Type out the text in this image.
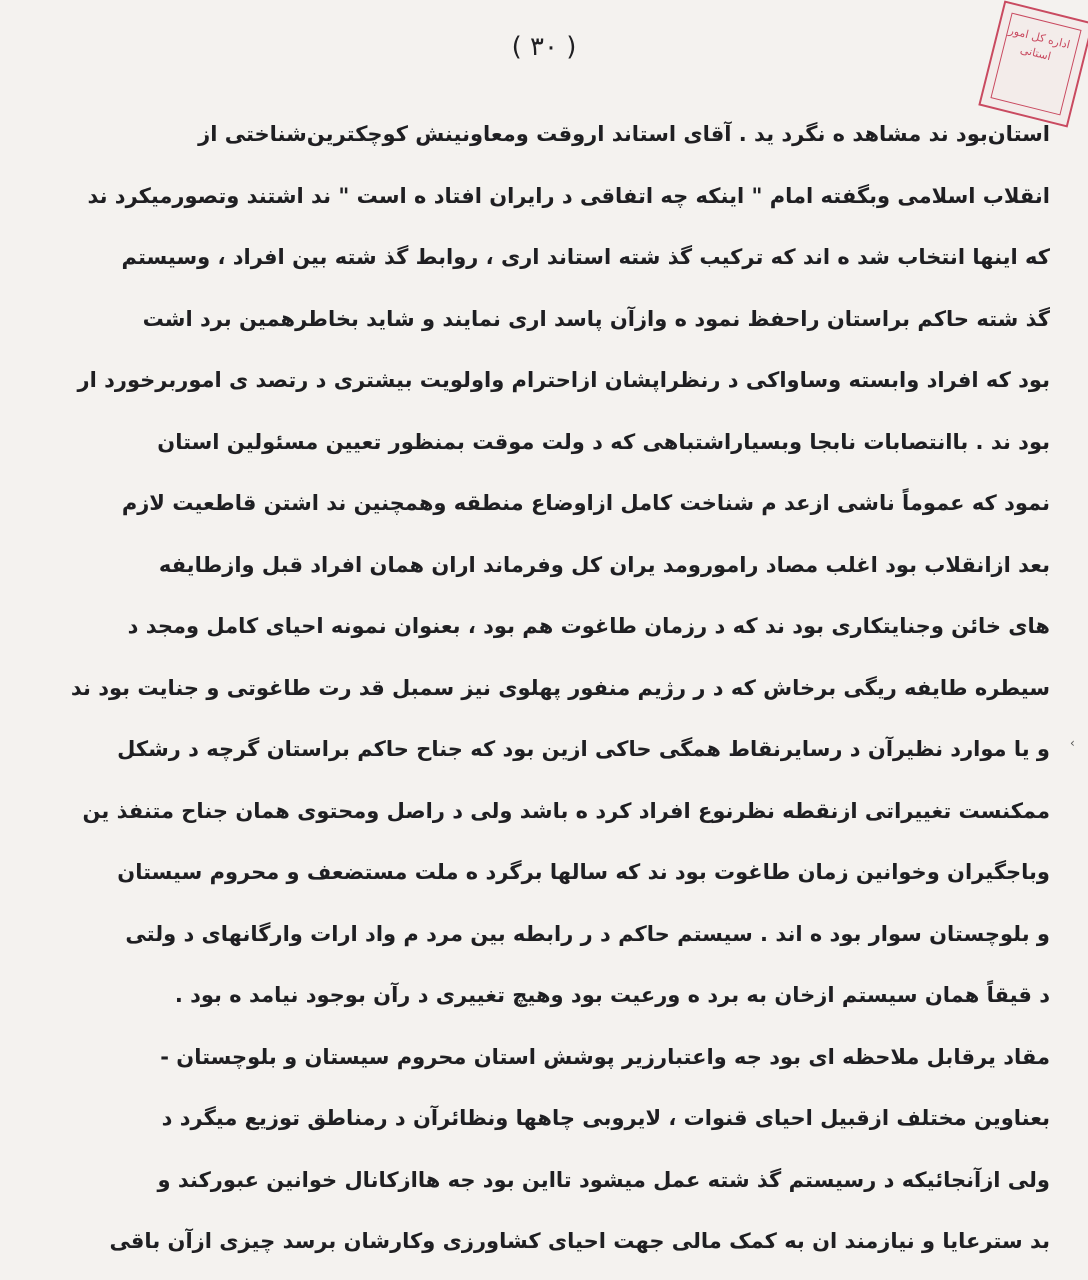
( ۳۰ )	اداره کل امور استانی
استان‌بود ند مشاهد ه نگرد ید . آقای استاند اروقت ومعاونینش کوچکترین‌شناختی از
انقلاب اسلامی وبگفته امام " اینکه چه اتفاقی د رایران افتاد ه است " ند اشتند وتصورمیکرد ند
که اینها انتخاب شد ه اند که ترکیب گذ شته استاند اری ، روابط گذ شته بین افراد ، وسیستم
گذ شته حاکم براستان راحفظ نمود ه وازآن پاسد اری نمایند و شاید بخاطرهمین برد اشت
بود که افراد وابسته وساواکی د رنظراپشان ازاحترام واولویت بیشتری د رتصد ی اموربرخورد ار
بود ند . باانتصابات نابجا وبسیاراشتباهی که د ولت موقت بمنظور تعیین مسئولین استان
نمود که عموماً ناشی ازعد م شناخت کامل ازاوضاع منطقه وهمچنین ند اشتن قاطعیت لازم
بعد ازانقلاب بود اغلب مصاد رامورومد یران کل وفرماند اران همان افراد قبل وازطایفه
های خائن وجنایتکاری بود ند که د رزمان طاغوت هم بود ، بعنوان نمونه احیای کامل ومجد د
سیطره طایفه ریگی برخاش که د ر رژیم منفور پهلوی نیز سمبل قد رت طاغوتی و جنایت بود ند
و یا موارد نظیرآن د رسایرنقاط همگی حاکی ازین بود که جناح حاکم براستان گرچه د رشکل
ممکنست تغییراتی ازنقطه نظرنوع افراد کرد ه باشد ولی د راصل ومحتوی همان جناح متنفذ ین
وباجگیران وخوانین زمان طاغوت بود ند که سالها برگرد ه ملت مستضعف و محروم سیستان
و بلوچستان سوار بود ه اند . سیستم حاکم د ر رابطه بین مرد م واد ارات وارگانهای د ولتی
د قیقاً همان سیستم ازخان به برد ه ورعیت بود وهیچ تغییری د رآن بوجود نیامد ه بود .
مقاد یرقابل ملاحظه ای بود جه واعتبارزیر پوشش استان محروم سیستان و بلوچستان -
بعناوین مختلف ازقبیل احیای قنوات ، لایروبی چاهها ونظائرآن د رمناطق توزیع میگرد د
ولی ازآنجائیکه د رسیستم گذ شته عمل میشود تااین بود جه هاازکانال خوانین عبورکند و
بد سترعایا و نیازمند ان به کمک مالی جهت احیای کشاورزی وکارشان برسد چیزی ازآن باقی
‹
